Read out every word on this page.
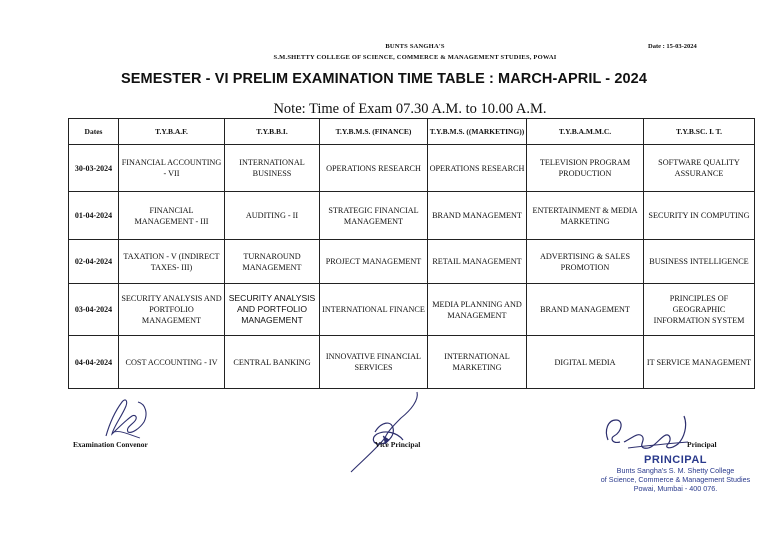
BUNTS SANGHA'S
S.M.SHETTY COLLEGE OF SCIENCE, COMMERCE & MANAGEMENT STUDIES, POWAI
Date : 15-03-2024
SEMESTER - VI PRELIM EXAMINATION TIME TABLE : MARCH-APRIL - 2024
Note: Time of Exam 07.30 A.M. to 10.00 A.M.
Dates	T.Y.B.A.F.	T.Y.B.B.I.	T.Y.B.M.S. (FINANCE)	T.Y.B.M.S. ((MARKETING))	T.Y.B.A.M.M.C.	T.Y.B.SC. I. T.
30-03-2024	FINANCIAL ACCOUNTING - VII	INTERNATIONAL BUSINESS	OPERATIONS RESEARCH	OPERATIONS RESEARCH	TELEVISION PROGRAM PRODUCTION	SOFTWARE QUALITY ASSURANCE
01-04-2024	FINANCIAL MANAGEMENT - III	AUDITING - II	STRATEGIC FINANCIAL MANAGEMENT	BRAND MANAGEMENT	ENTERTAINMENT & MEDIA MARKETING	SECURITY IN COMPUTING
02-04-2024	TAXATION - V (INDIRECT TAXES- III)	TURNAROUND MANAGEMENT	PROJECT MANAGEMENT	RETAIL MANAGEMENT	ADVERTISING & SALES PROMOTION	BUSINESS INTELLIGENCE
03-04-2024	SECURITY ANALYSIS AND PORTFOLIO MANAGEMENT	SECURITY ANALYSIS AND PORTFOLIO MANAGEMENT	INTERNATIONAL FINANCE	MEDIA PLANNING AND MANAGEMENT	BRAND MANAGEMENT	PRINCIPLES OF GEOGRAPHIC INFORMATION SYSTEM
04-04-2024	COST ACCOUNTING - IV	CENTRAL BANKING	INNOVATIVE FINANCIAL SERVICES	INTERNATIONAL MARKETING	DIGITAL MEDIA	IT SERVICE MANAGEMENT
Examination Convenor	Vice Principal	Principal
PRINCIPAL
Bunts Sangha's S. M. Shetty College
of Science, Commerce & Management Studies
Powai, Mumbai - 400 076.
